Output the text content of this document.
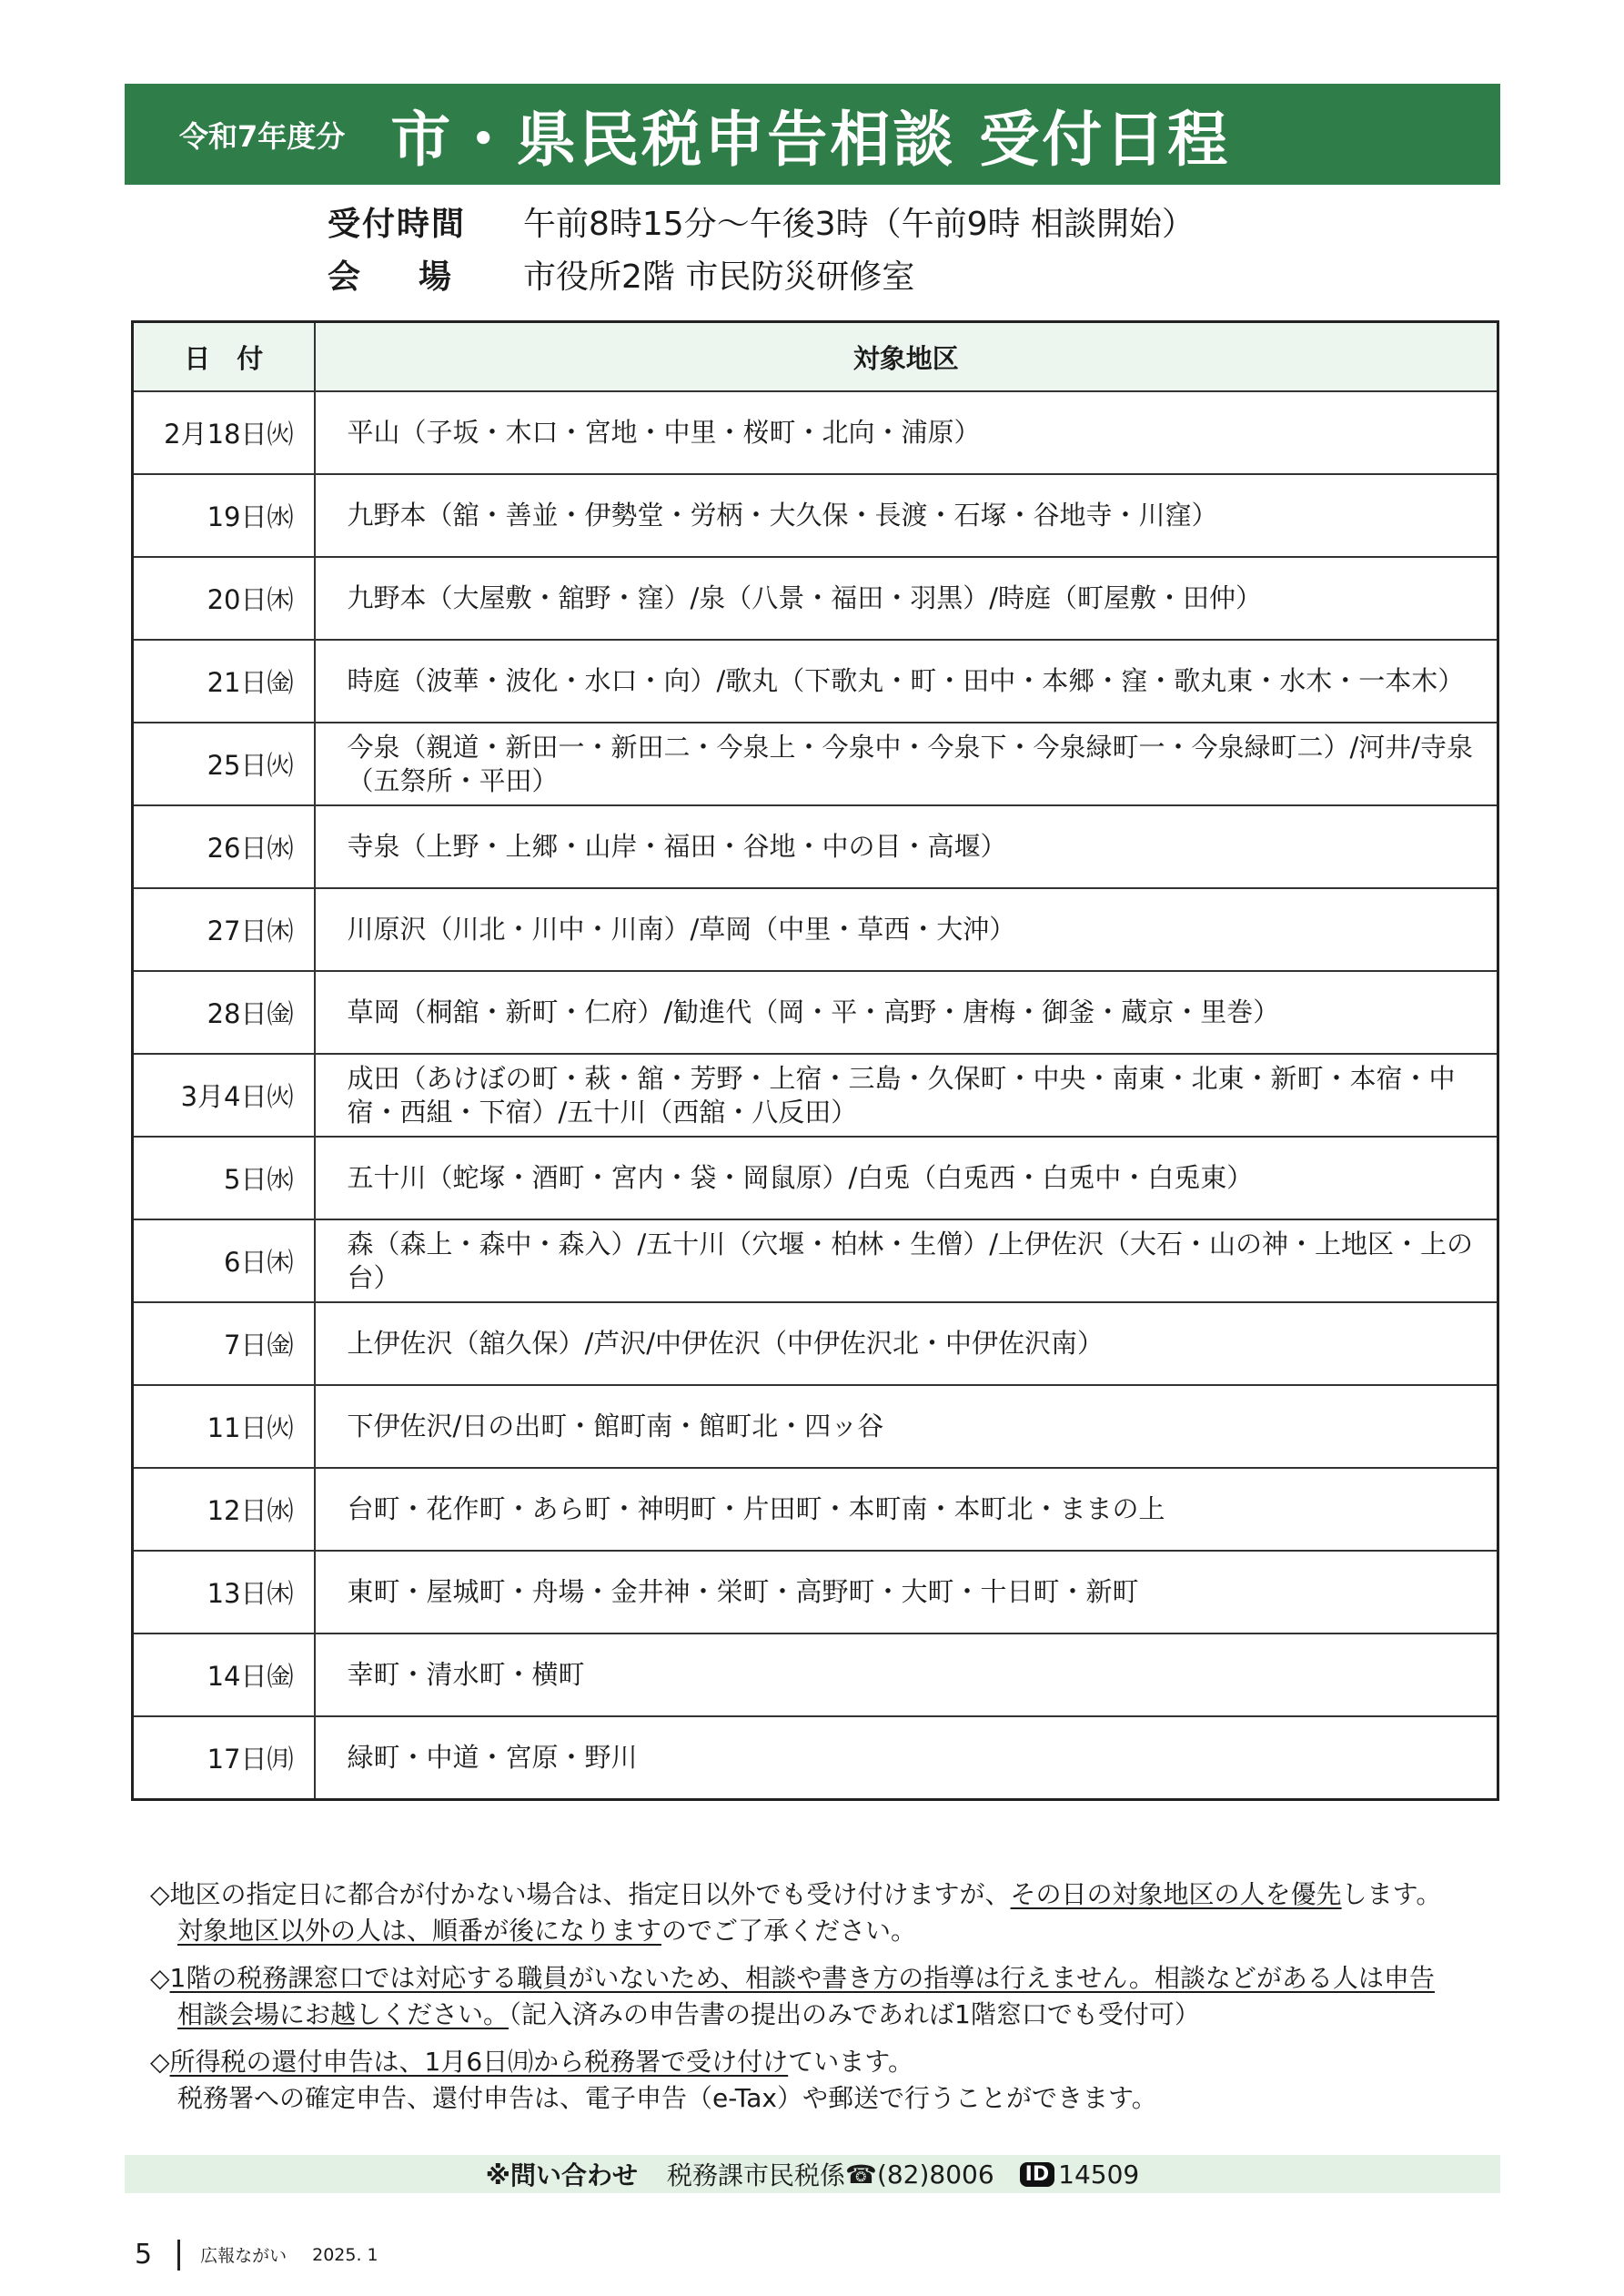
令和7年度分 市・県民税申告相談 受付日程
受付時間	午前8時15分～午後3時（午前9時 相談開始）
会場 市役所2階 市民防災研修室
日　付	対象地区
2月18日㈫	平山（子坂・木口・宮地・中里・桜町・北向・浦原）
19日㈬	九野本（舘・善並・伊勢堂・労柄・大久保・長渡・石塚・谷地寺・川窪）
20日㈭	九野本（大屋敷・舘野・窪）/泉（八景・福田・羽黒）/時庭（町屋敷・田仲）
21日㈮	時庭（波華・波化・水口・向）/歌丸（下歌丸・町・田中・本郷・窪・歌丸東・水木・一本木）
25日㈫	今泉（親道・新田一・新田二・今泉上・今泉中・今泉下・今泉緑町一・今泉緑町二）/河井/寺泉（五祭所・平田）
26日㈬	寺泉（上野・上郷・山岸・福田・谷地・中の目・高堰）
27日㈭	川原沢（川北・川中・川南）/草岡（中里・草西・大沖）
28日㈮	草岡（桐舘・新町・仁府）/勧進代（岡・平・高野・唐梅・御釜・蔵京・里巻）
3月4日㈫	成田（あけぼの町・萩・舘・芳野・上宿・三島・久保町・中央・南東・北東・新町・本宿・中宿・西組・下宿）/五十川（西舘・八反田）
5日㈬	五十川（蛇塚・酒町・宮内・袋・岡鼠原）/白兎（白兎西・白兎中・白兎東）
6日㈭	森（森上・森中・森入）/五十川（穴堰・柏林・生僧）/上伊佐沢（大石・山の神・上地区・上の台）
7日㈮	上伊佐沢（舘久保）/芦沢/中伊佐沢（中伊佐沢北・中伊佐沢南）
11日㈫	下伊佐沢/日の出町・館町南・館町北・四ッ谷
12日㈬	台町・花作町・あら町・神明町・片田町・本町南・本町北・ままの上
13日㈭	東町・屋城町・舟場・金井神・栄町・高野町・大町・十日町・新町
14日㈮	幸町・清水町・横町
17日㈪	緑町・中道・宮原・野川
◇地区の指定日に都合が付かない場合は、指定日以外でも受け付けますが、その日の対象地区の人を優先します。
対象地区以外の人は、順番が後になりますのでご了承ください。
◇1階の税務課窓口では対応する職員がいないため、相談や書き方の指導は行えません。相談などがある人は申告
相談会場にお越しください。（記入済みの申告書の提出のみであれば1階窓口でも受付可）
◇所得税の還付申告は、1月6日㈪から税務署で受け付けています。
税務署への確定申告、還付申告は、電子申告（e-Tax）や郵送で行うことができます。
※問い合わせ 税務課市民税係 ☎ (82)8006 ID 14509
5	広報ながい 2025. 1
